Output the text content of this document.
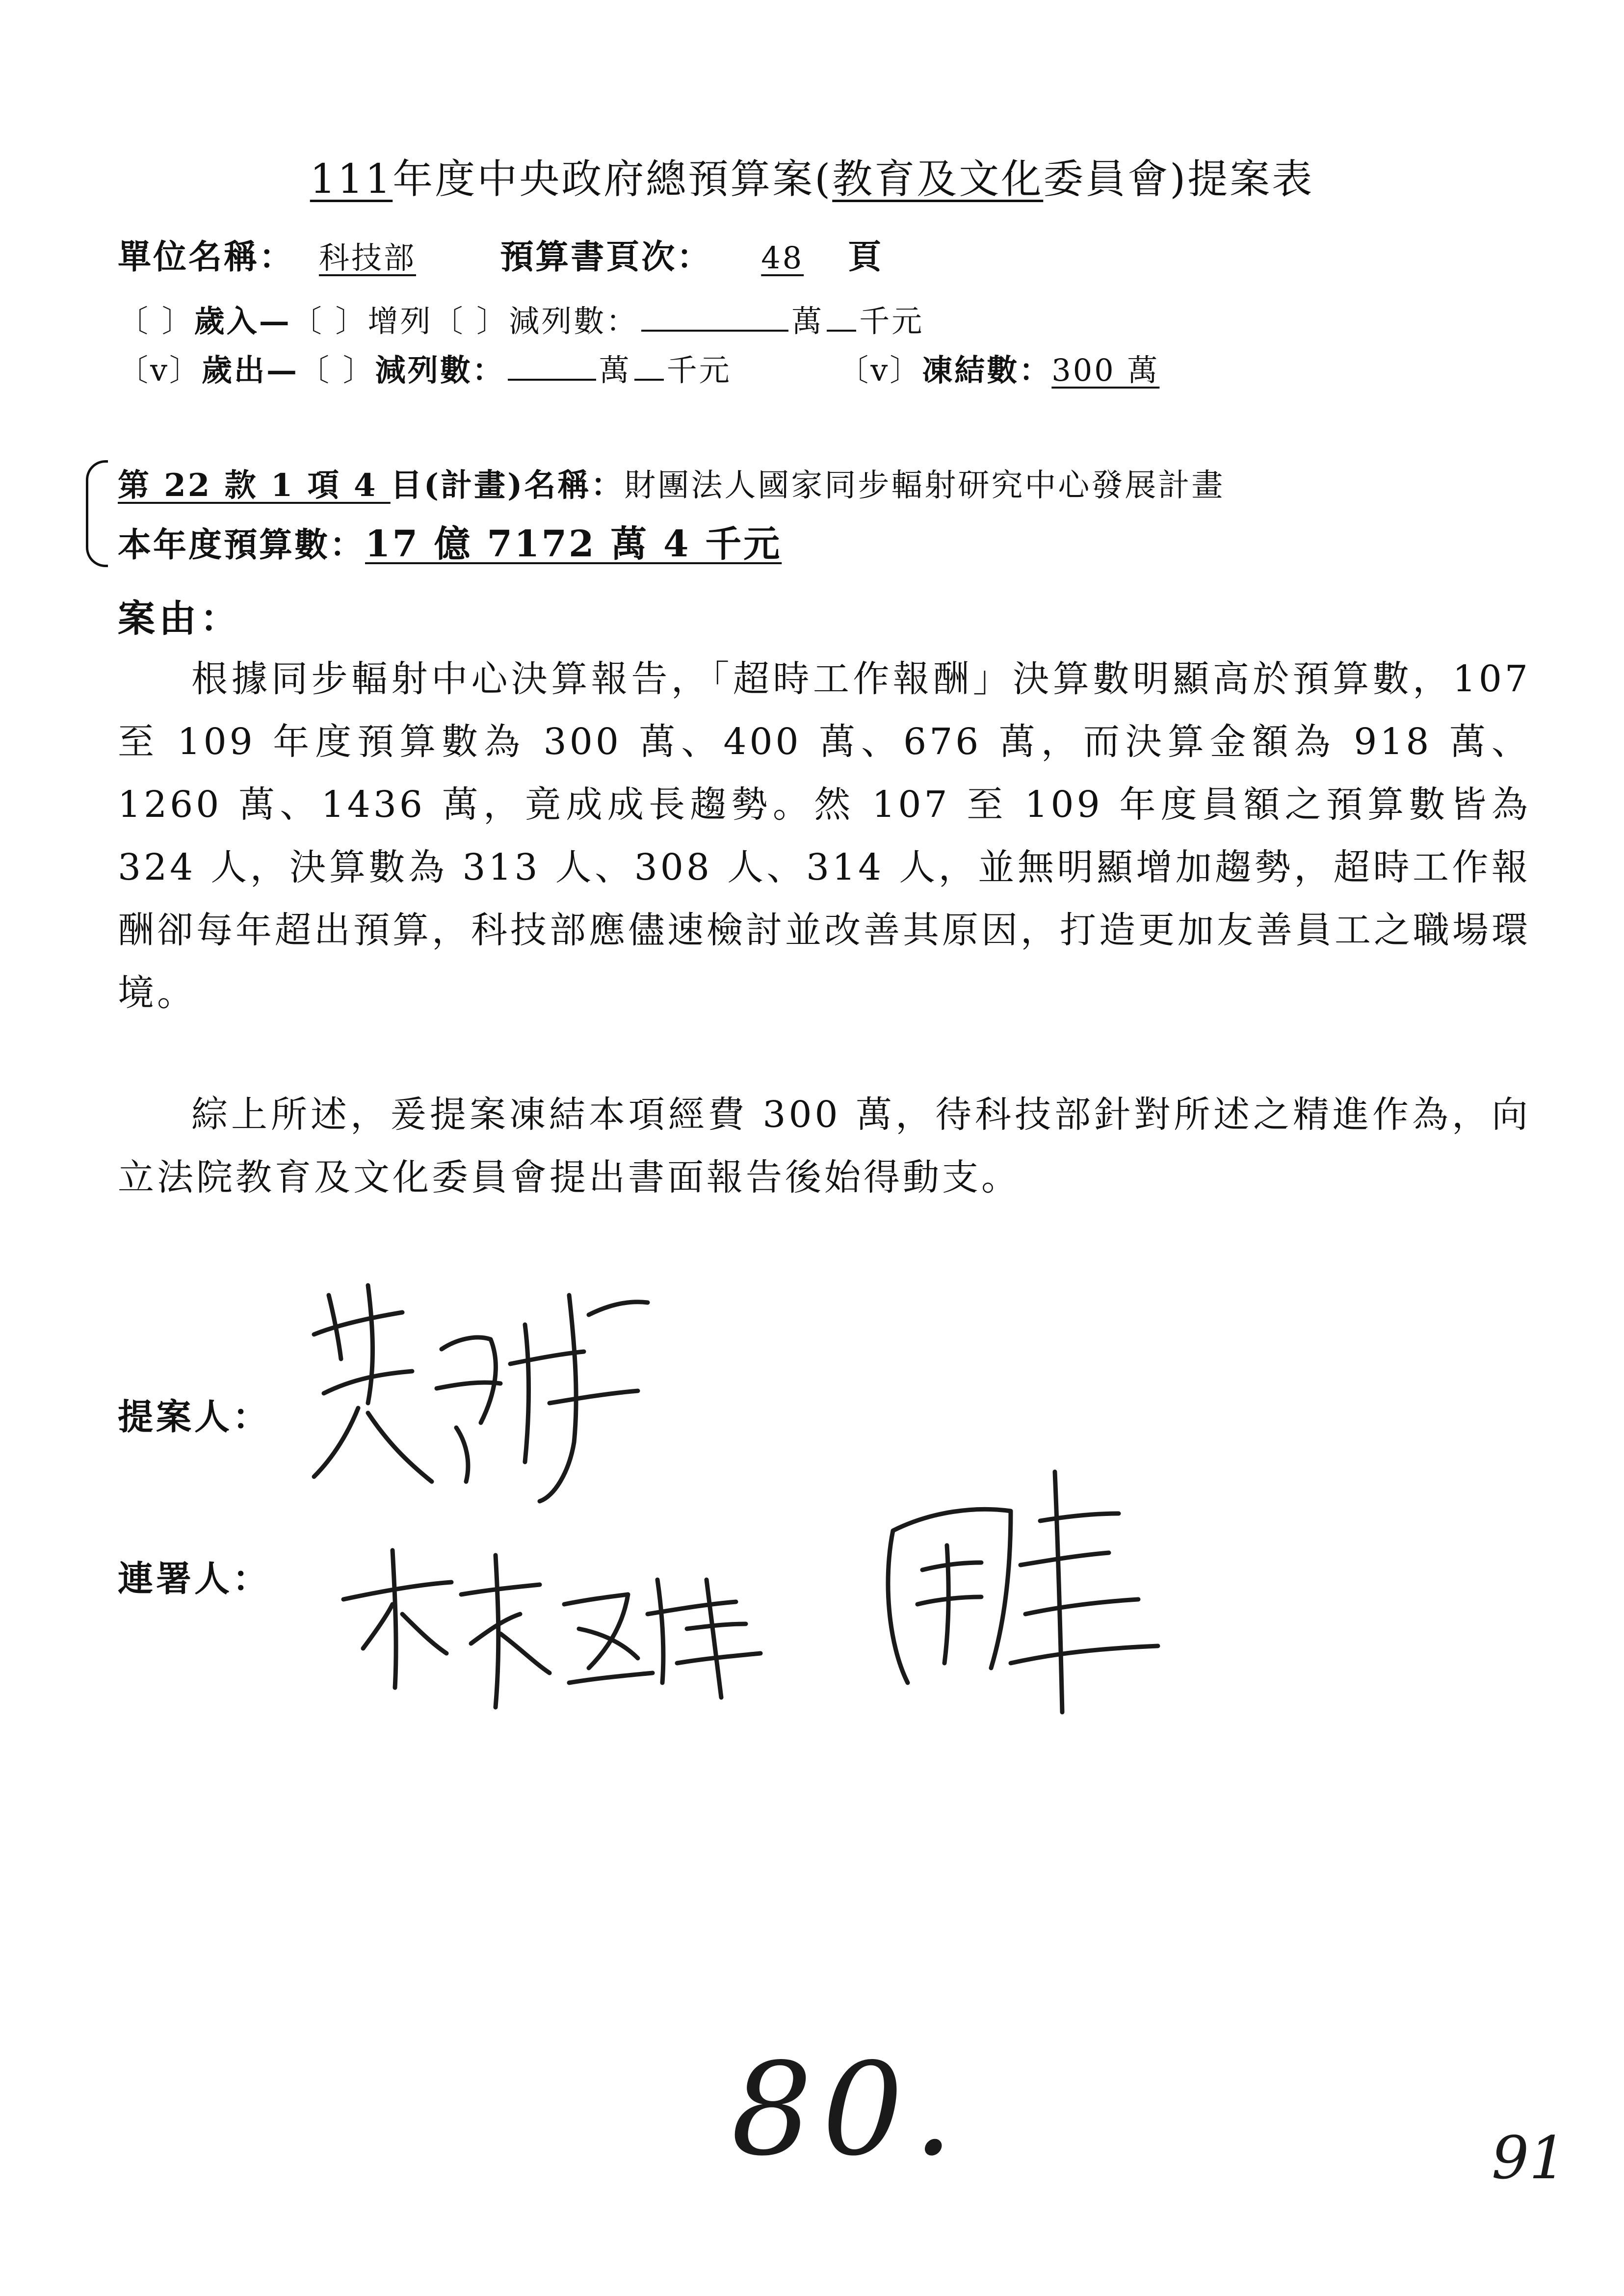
111年度中央政府總預算案(教育及文化委員會)提案表
單位名稱： 科技部	預算書頁次： 48 頁
〔 〕歲入—〔 〕增列〔 〕減列數：	萬 千元
〔v〕歲出—〔 〕減列數：	萬 千元	〔v〕凍結數：300 萬
第 22 款 1 項 4 目(計畫)名稱：財團法人國家同步輻射研究中心發展計畫
本年度預算數：17 億 7172 萬 4 千元
案由：

根據同步輻射中心決算報告，「超時工作報酬」決算數明顯高於預算數，107 至 109 年度預算數為 300 萬、400 萬、676 萬，而決算金額為 918 萬、1260 萬、1436 萬，竟成成長趨勢。然 107 至 109 年度員額之預算數皆為 324 人，決算數為 313 人、308 人、314 人，並無明顯增加趨勢，超時工作報酬卻每年超出預算，科技部應儘速檢討並改善其原因，打造更加友善員工之職場環境。

綜上所述，爰提案凍結本項經費 300 萬，待科技部針對所述之精進作為，向立法院教育及文化委員會提出書面報告後始得動支。

提案人：
連署人：
80.	91
